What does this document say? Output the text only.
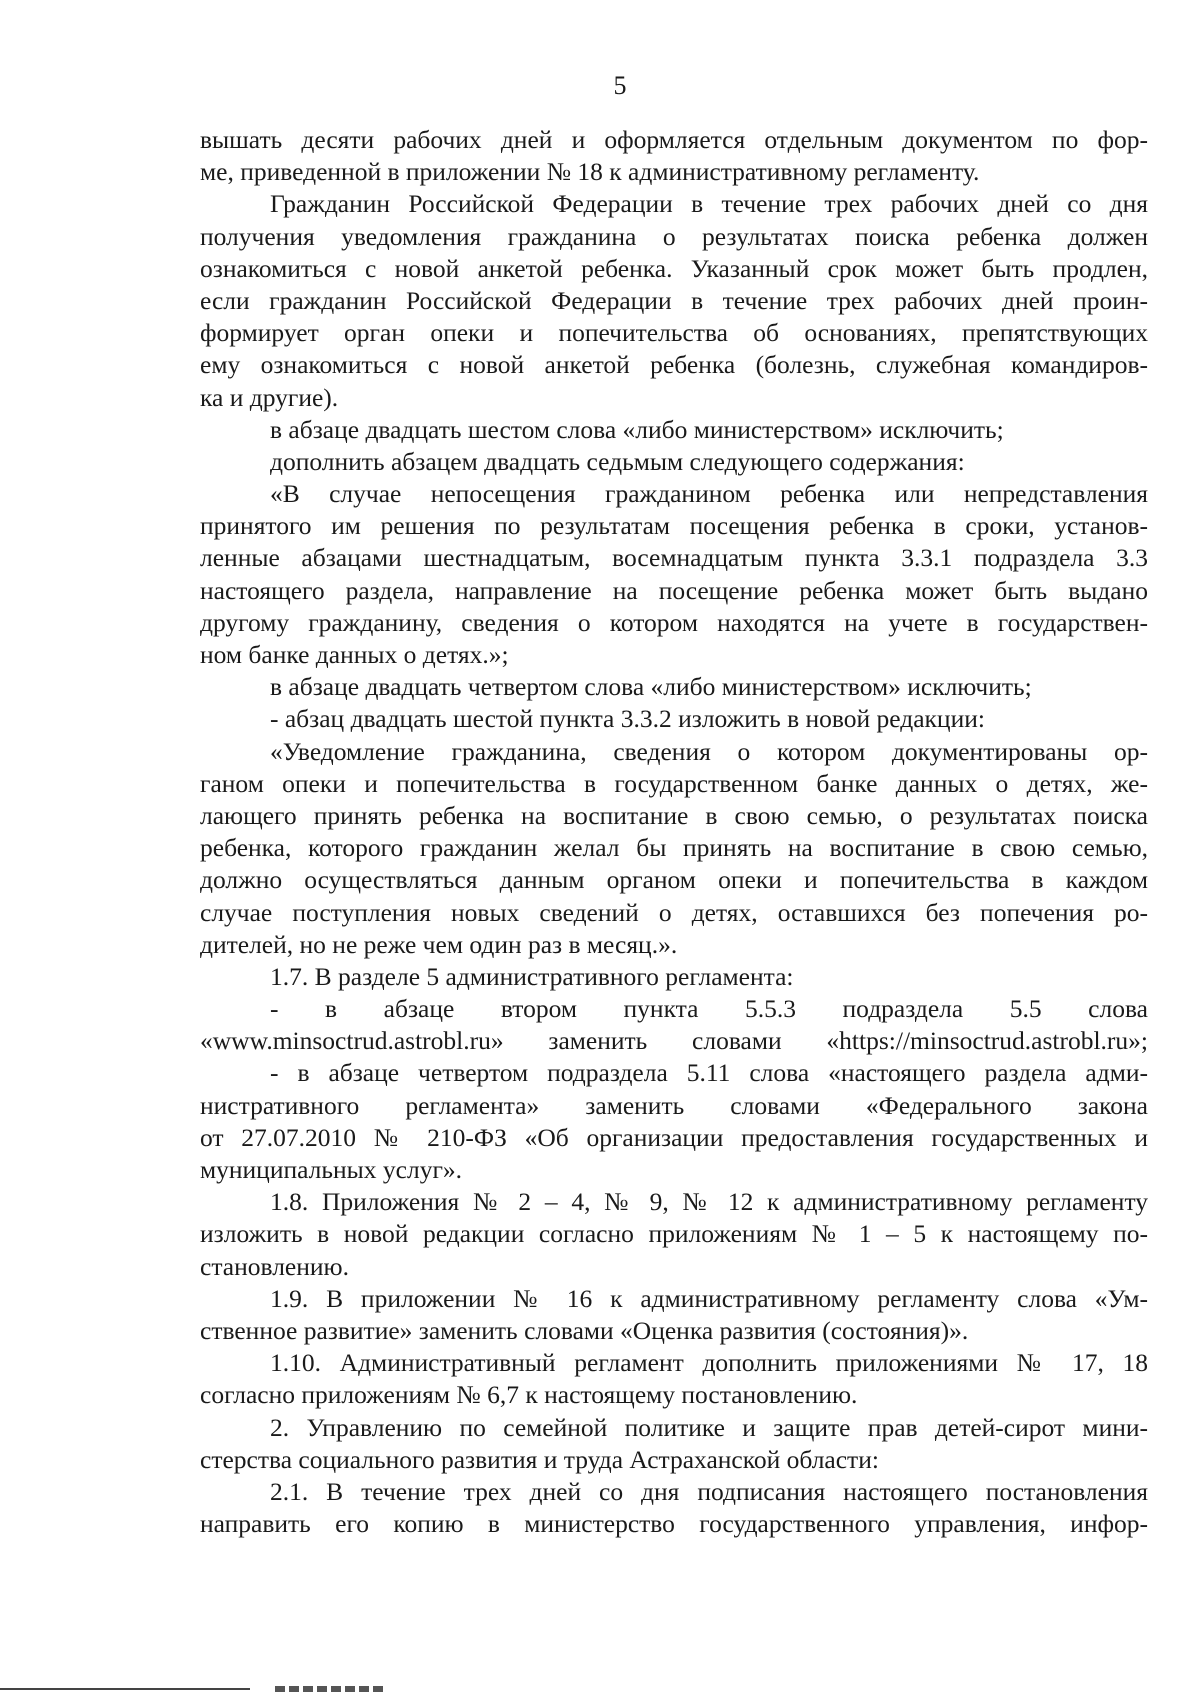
5
вышать десяти рабочих дней и оформляется отдельным документом по фор-
ме, приведенной в приложении № 18 к административному регламенту.
Гражданин Российской Федерации в течение трех рабочих дней со дня
получения уведомления гражданина о результатах поиска ребенка должен
ознакомиться с новой анкетой ребенка. Указанный срок может быть продлен,
если гражданин Российской Федерации в течение трех рабочих дней проин-
формирует орган опеки и попечительства об основаниях, препятствующих
ему ознакомиться с новой анкетой ребенка (болезнь, служебная командиров-
ка и другие).
в абзаце двадцать шестом слова «либо министерством» исключить;
дополнить абзацем двадцать седьмым следующего содержания:
«В случае непосещения гражданином ребенка или непредставления
принятого им решения по результатам посещения ребенка в сроки, установ-
ленные абзацами шестнадцатым, восемнадцатым пункта 3.3.1 подраздела 3.3
настоящего раздела, направление на посещение ребенка может быть выдано
другому гражданину, сведения о котором находятся на учете в государствен-
ном банке данных о детях.»;
в абзаце двадцать четвертом слова «либо министерством» исключить;
- абзац двадцать шестой пункта 3.3.2 изложить в новой редакции:
«Уведомление гражданина, сведения о котором документированы ор-
ганом опеки и попечительства в государственном банке данных о детях, же-
лающего принять ребенка на воспитание в свою семью, о результатах поиска
ребенка, которого гражданин желал бы принять на воспитание в свою семью,
должно осуществляться данным органом опеки и попечительства в каждом
случае поступления новых сведений о детях, оставшихся без попечения ро-
дителей, но не реже чем один раз в месяц.».
1.7. В разделе 5 административного регламента:
- в абзаце втором пункта 5.5.3 подраздела 5.5 слова
«www.minsoctrud.astrobl.ru» заменить словами «https://minsoctrud.astrobl.ru»;
- в абзаце четвертом подраздела 5.11 слова «настоящего раздела адми-
нистративного регламента» заменить словами «Федерального закона
от 27.07.2010 № 210-ФЗ «Об организации предоставления государственных и
муниципальных услуг».
1.8. Приложения № 2 – 4, № 9, № 12 к административному регламенту
изложить в новой редакции согласно приложениям № 1 – 5 к настоящему по-
становлению.
1.9. В приложении № 16 к административному регламенту слова «Ум-
ственное развитие» заменить словами «Оценка развития (состояния)».
1.10. Административный регламент дополнить приложениями № 17, 18
согласно приложениям № 6,7 к настоящему постановлению.
2. Управлению по семейной политике и защите прав детей-сирот мини-
стерства социального развития и труда Астраханской области:
2.1. В течение трех дней со дня подписания настоящего постановления
направить его копию в министерство государственного управления, инфор-
